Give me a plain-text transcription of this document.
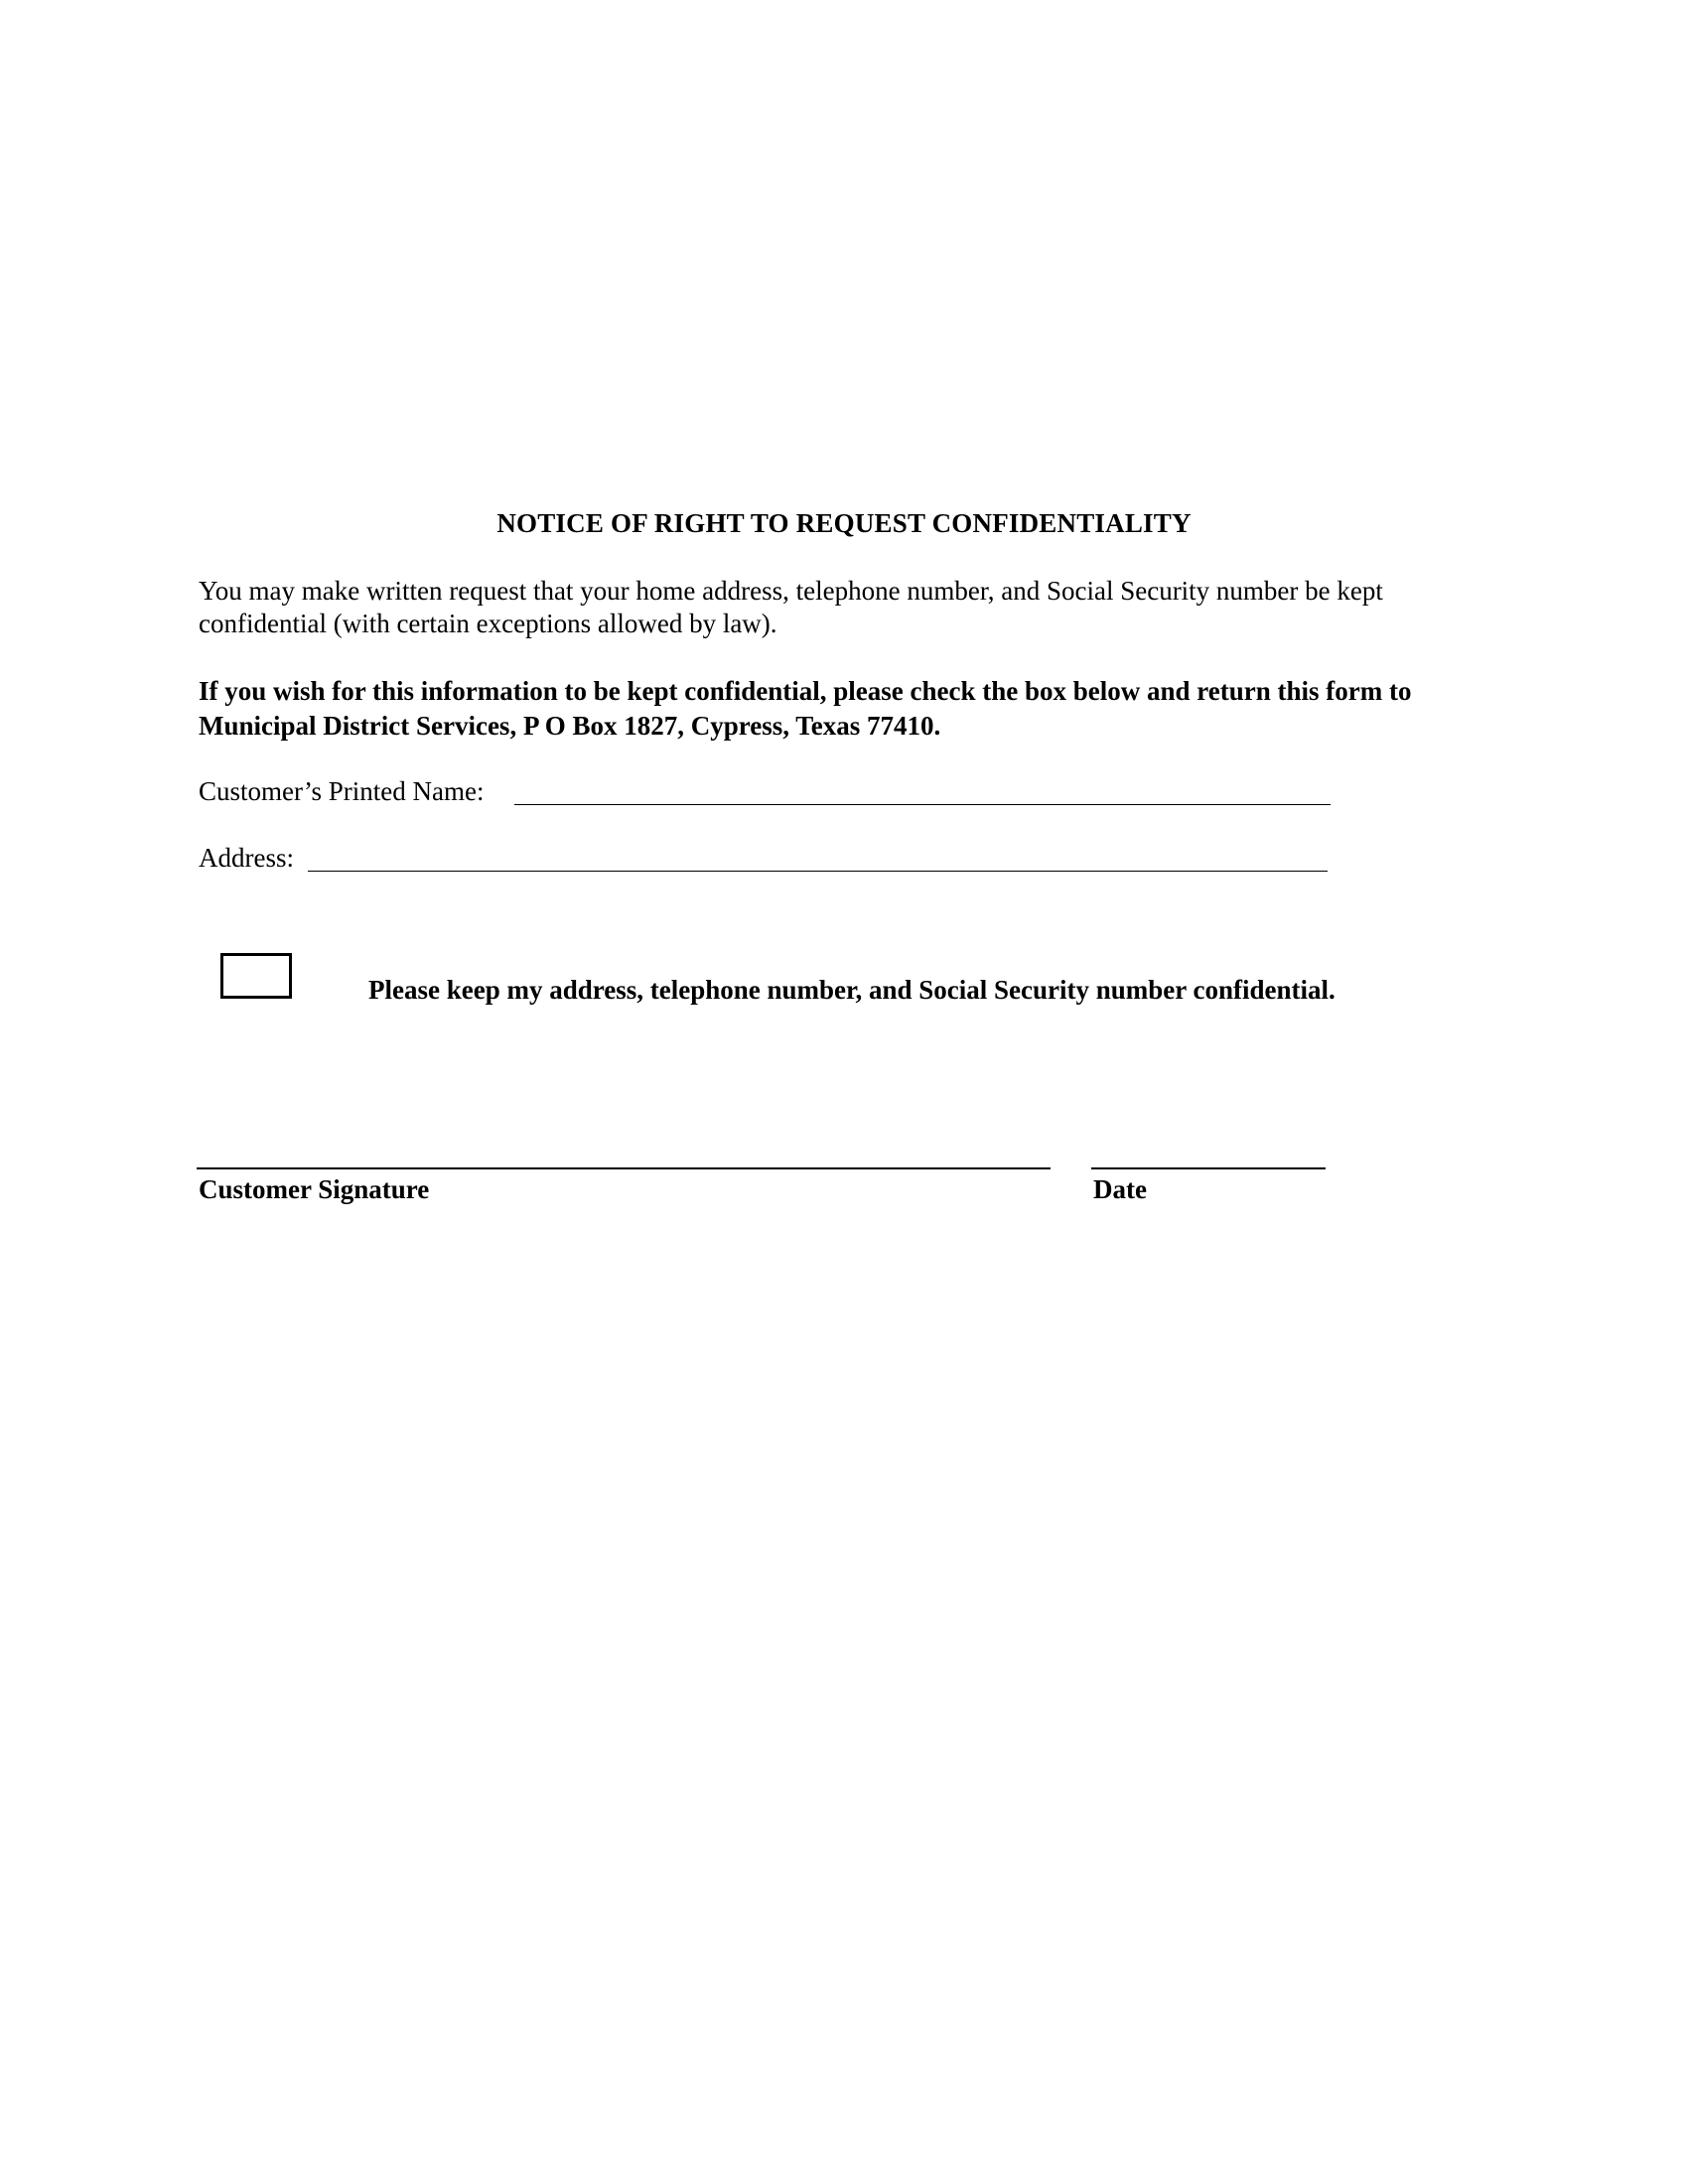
NOTICE OF RIGHT TO REQUEST CONFIDENTIALITY

You may make written request that your home address, telephone number, and Social Security number be kept confidential (with certain exceptions allowed by law).

If you wish for this information to be kept confidential, please check the box below and return this form to Municipal District Services, P O Box 1827, Cypress, Texas 77410.

Customer’s Printed Name:
Address:
Please keep my address, telephone number, and Social Security number confidential.
Customer Signature	Date
